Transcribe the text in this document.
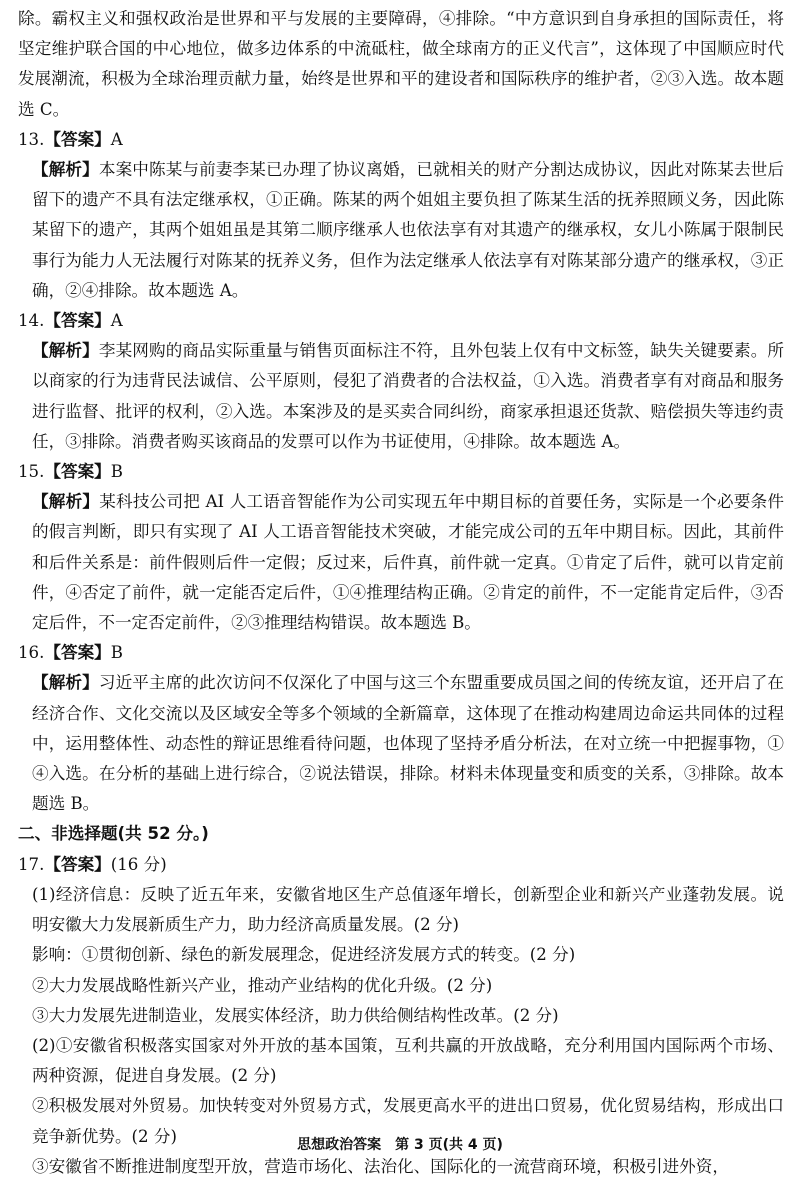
除。霸权主义和强权政治是世界和平与发展的主要障碍，④排除。“中方意识到自身承担的国际责任，将坚定维护联合国的中心地位，做多边体系的中流砥柱，做全球南方的正义代言”，这体现了中国顺应时代发展潮流，积极为全球治理贡献力量，始终是世界和平的建设者和国际秩序的维护者，②③入选。故本题选 C。

13.【答案】A

【解析】本案中陈某与前妻李某已办理了协议离婚，已就相关的财产分割达成协议，因此对陈某去世后留下的遗产不具有法定继承权，①正确。陈某的两个姐姐主要负担了陈某生活的抚养照顾义务，因此陈某留下的遗产，其两个姐姐虽是其第二顺序继承人也依法享有对其遗产的继承权，女儿小陈属于限制民事行为能力人无法履行对陈某的抚养义务，但作为法定继承人依法享有对陈某部分遗产的继承权，③正确，②④排除。故本题选 A。

14.【答案】A

【解析】李某网购的商品实际重量与销售页面标注不符，且外包装上仅有中文标签，缺失关键要素。所以商家的行为违背民法诚信、公平原则，侵犯了消费者的合法权益，①入选。消费者享有对商品和服务进行监督、批评的权利，②入选。本案涉及的是买卖合同纠纷，商家承担退还货款、赔偿损失等违约责任，③排除。消费者购买该商品的发票可以作为书证使用，④排除。故本题选 A。

15.【答案】B

【解析】某科技公司把 AI 人工语音智能作为公司实现五年中期目标的首要任务，实际是一个必要条件的假言判断，即只有实现了 AI 人工语音智能技术突破，才能完成公司的五年中期目标。因此，其前件和后件关系是：前件假则后件一定假；反过来，后件真，前件就一定真。①肯定了后件，就可以肯定前件，④否定了前件，就一定能否定后件，①④推理结构正确。②肯定的前件，不一定能肯定后件，③否定后件，不一定否定前件，②③推理结构错误。故本题选 B。

16.【答案】B

【解析】习近平主席的此次访问不仅深化了中国与这三个东盟重要成员国之间的传统友谊，还开启了在经济合作、文化交流以及区域安全等多个领域的全新篇章，这体现了在推动构建周边命运共同体的过程中，运用整体性、动态性的辩证思维看待问题，也体现了坚持矛盾分析法，在对立统一中把握事物，①④入选。在分析的基础上进行综合，②说法错误，排除。材料未体现量变和质变的关系，③排除。故本题选 B。

二、非选择题(共 52 分。)

17.【答案】(16 分)

(1)经济信息：反映了近五年来，安徽省地区生产总值逐年增长，创新型企业和新兴产业蓬勃发展。说明安徽大力发展新质生产力，助力经济高质量发展。(2 分)

影响：①贯彻创新、绿色的新发展理念，促进经济发展方式的转变。(2 分)

②大力发展战略性新兴产业，推动产业结构的优化升级。(2 分)

③大力发展先进制造业，发展实体经济，助力供给侧结构性改革。(2 分)

(2)①安徽省积极落实国家对外开放的基本国策，互利共赢的开放战略，充分利用国内国际两个市场、两种资源，促进自身发展。(2 分)

②积极发展对外贸易。加快转变对外贸易方式，发展更高水平的进出口贸易，优化贸易结构，形成出口竞争新优势。(2 分)

③安徽省不断推进制度型开放，营造市场化、法治化、国际化的一流营商环境，积极引进外资，

思想政治答案　第 3 页(共 4 页)
